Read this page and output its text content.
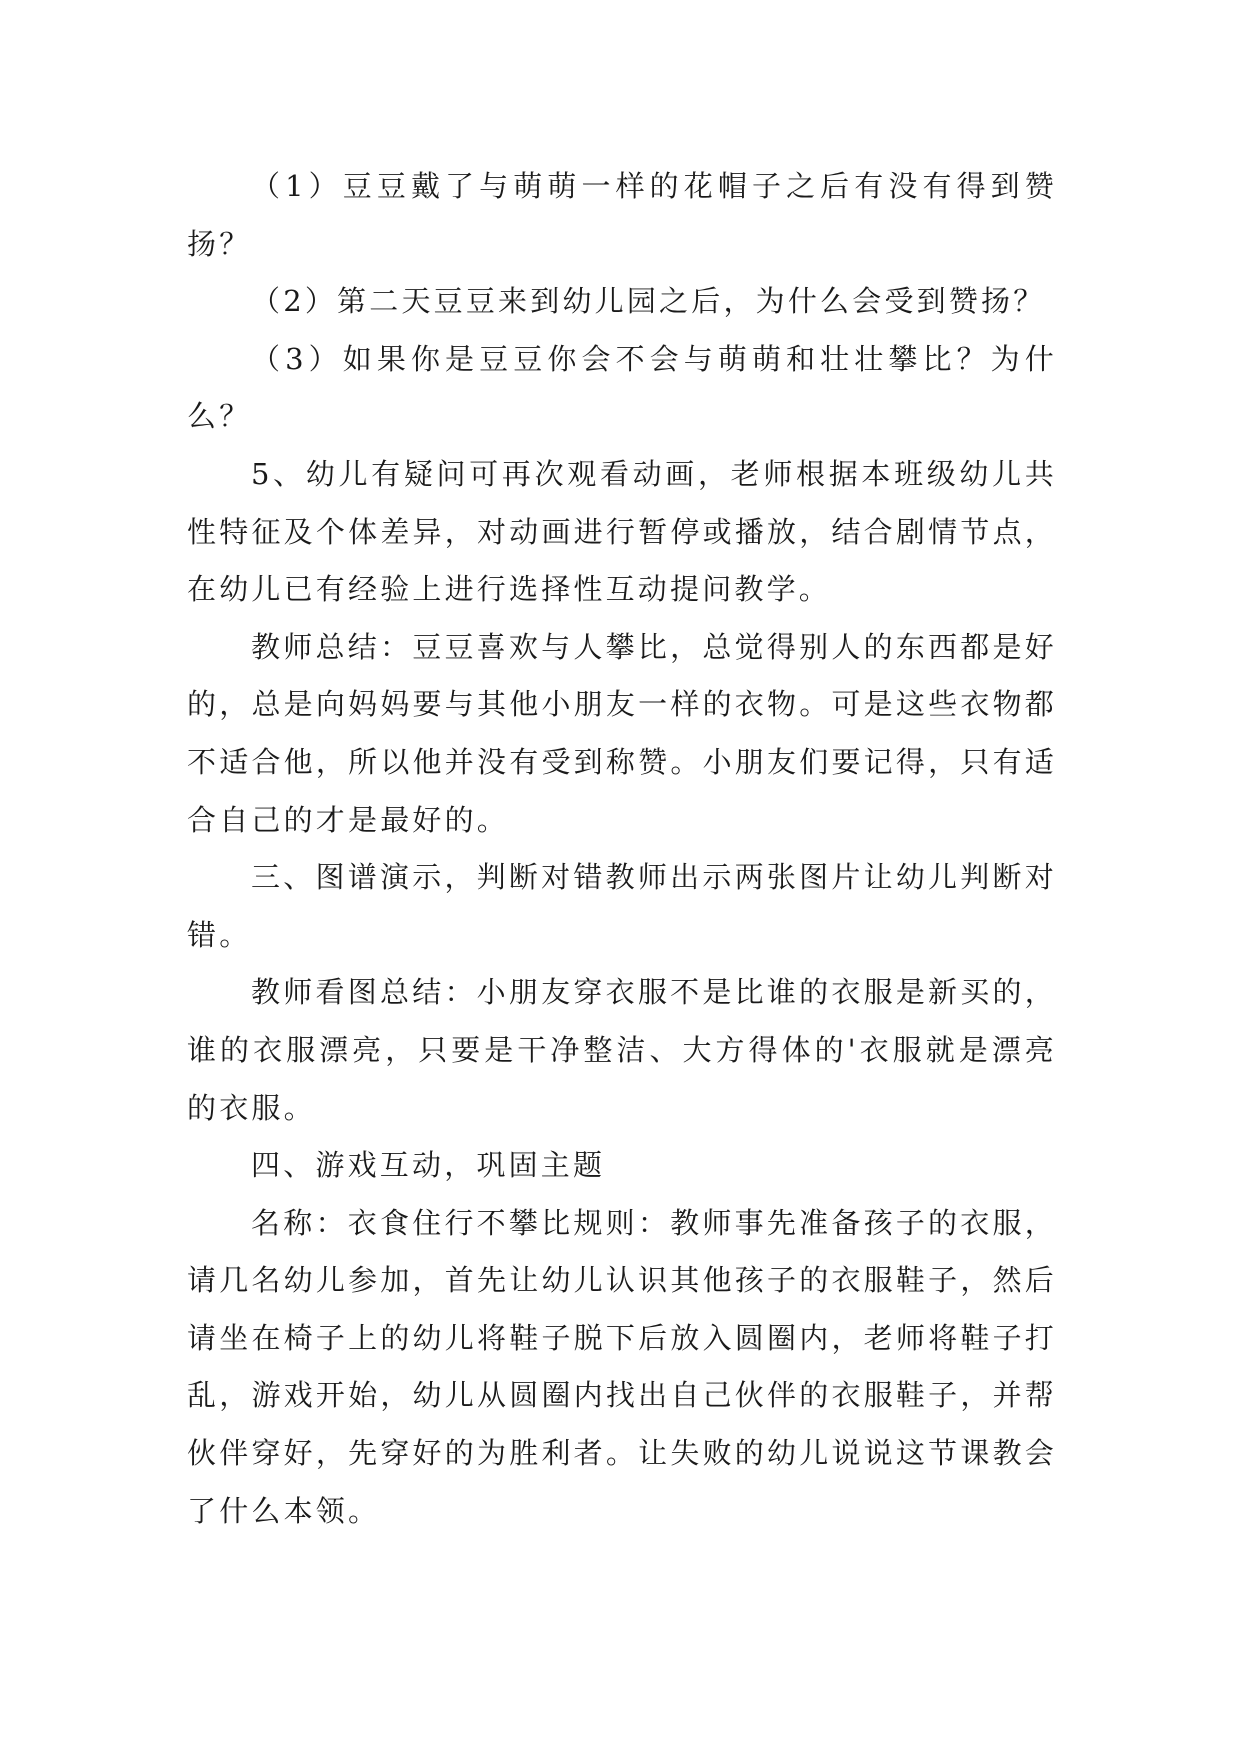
（1）豆豆戴了与萌萌一样的花帽子之后有没有得到赞扬？

（2）第二天豆豆来到幼儿园之后，为什么会受到赞扬？

（3）如果你是豆豆你会不会与萌萌和壮壮攀比？为什么？

5、幼儿有疑问可再次观看动画，老师根据本班级幼儿共性特征及个体差异，对动画进行暂停或播放，结合剧情节点，在幼儿已有经验上进行选择性互动提问教学。

教师总结：豆豆喜欢与人攀比，总觉得别人的东西都是好的，总是向妈妈要与其他小朋友一样的衣物。可是这些衣物都不适合他，所以他并没有受到称赞。小朋友们要记得，只有适合自己的才是最好的。

三、图谱演示，判断对错教师出示两张图片让幼儿判断对错。

教师看图总结：小朋友穿衣服不是比谁的衣服是新买的，谁的衣服漂亮，只要是干净整洁、大方得体的'衣服就是漂亮的衣服。

四、游戏互动，巩固主题

名称：衣食住行不攀比规则：教师事先准备孩子的衣服，请几名幼儿参加，首先让幼儿认识其他孩子的衣服鞋子，然后请坐在椅子上的幼儿将鞋子脱下后放入圆圈内，老师将鞋子打乱，游戏开始，幼儿从圆圈内找出自己伙伴的衣服鞋子，并帮伙伴穿好，先穿好的为胜利者。让失败的幼儿说说这节课教会了什么本领。
